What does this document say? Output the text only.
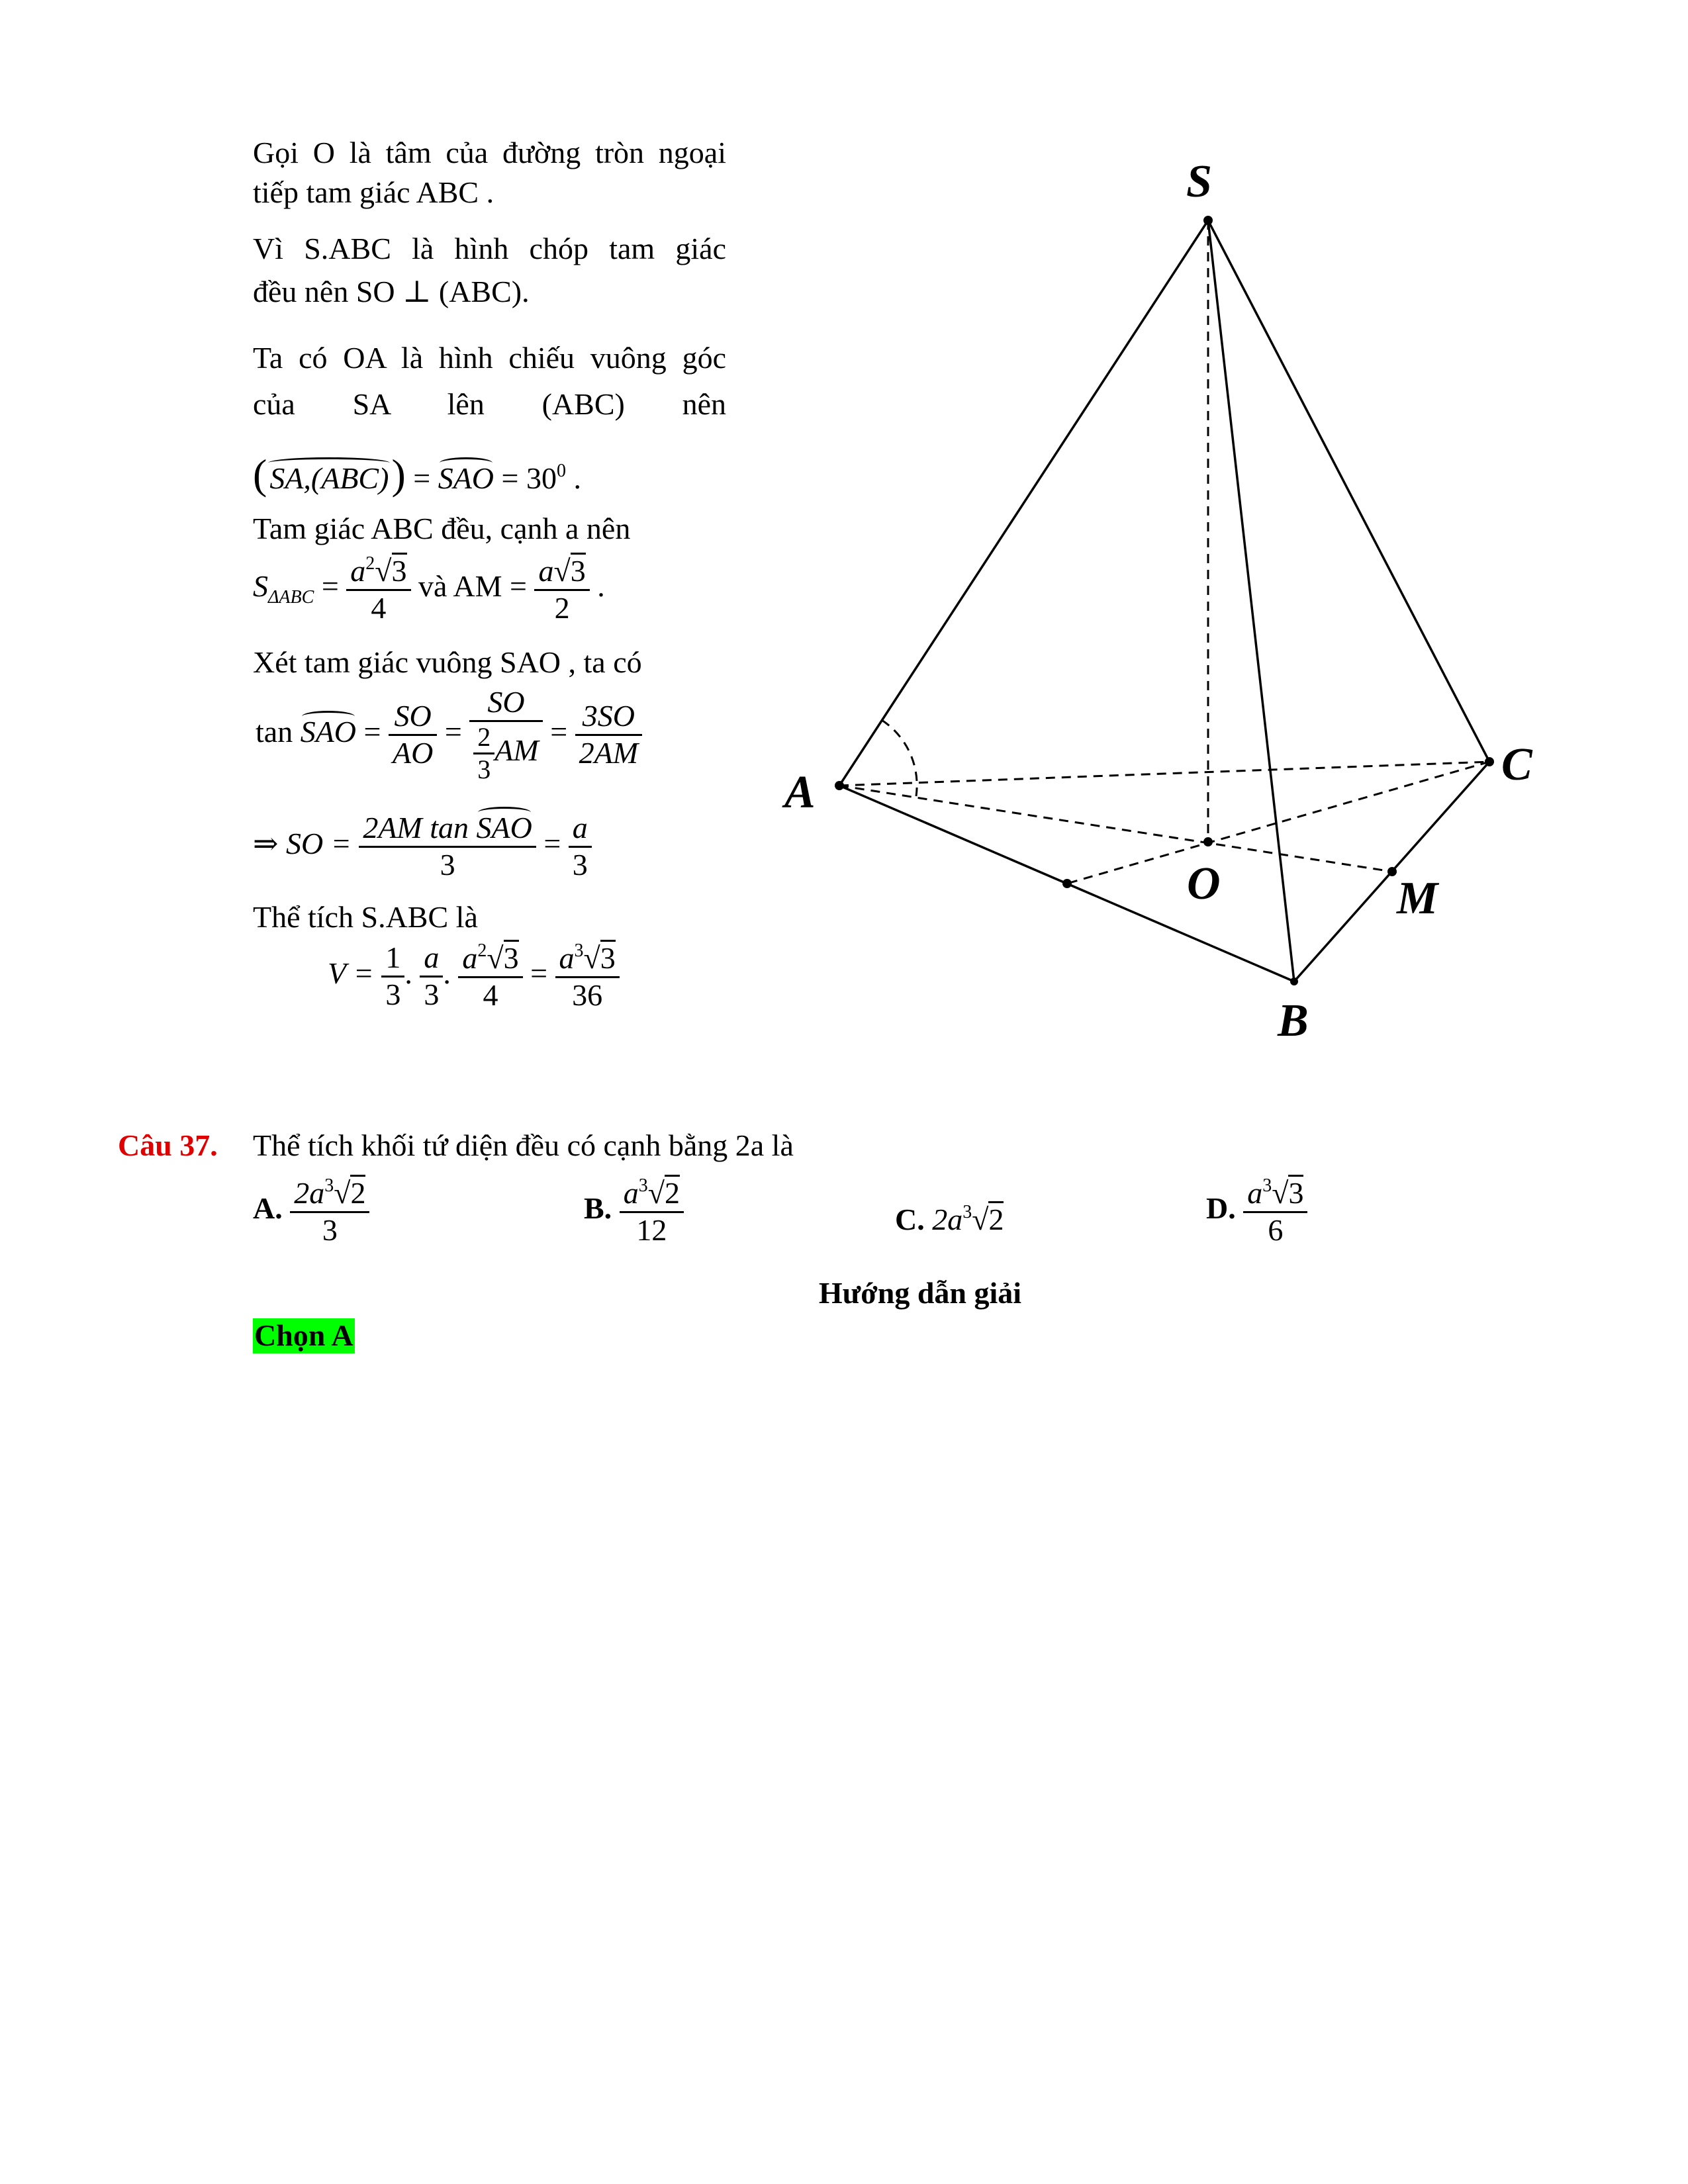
Gọi O là tâm của đường tròn ngoại
tiếp tam giác ABC .
Vì S.ABC là hình chóp tam giác
đều nên SO ⊥ (ABC).
Ta có OA là hình chiếu vuông góc
của SA lên (ABC) nên
(SA,(ABC)) = SAO = $30^0$ .
Tam giác ABC đều, cạnh a nên
$S_{\Delta ABC} = \frac{a^2√3}{4}$ và AM = $\frac{a√3}{2}$ .
Xét tam giác vuông SAO , ta có
tan SAO = $\frac{SO}{AO} = \frac{SO}{\frac{2}{3} AM} = \frac{3SO}{2AM}$
⇒ SO = $\frac{\text{2AM tan SAO}}{3} = \frac{a}{3}$
Thể tích S.ABC là
$V = \frac{1}{3}$ . $\frac{a}{3}$ . $\frac{a^2√3}{4} = \frac{a^3√3}{36}$
S
A
B
C
O	M
Câu 37. Thể tích khối tứ diện đều có cạnh bằng 2a là
A. $\frac{2a^3√2}{3}$	B. $\frac{a^3√2}{12}$	C. $2a^3√2$	D. $\frac{a^3√3}{6}$
Hướng dẫn giải
Chọn A
